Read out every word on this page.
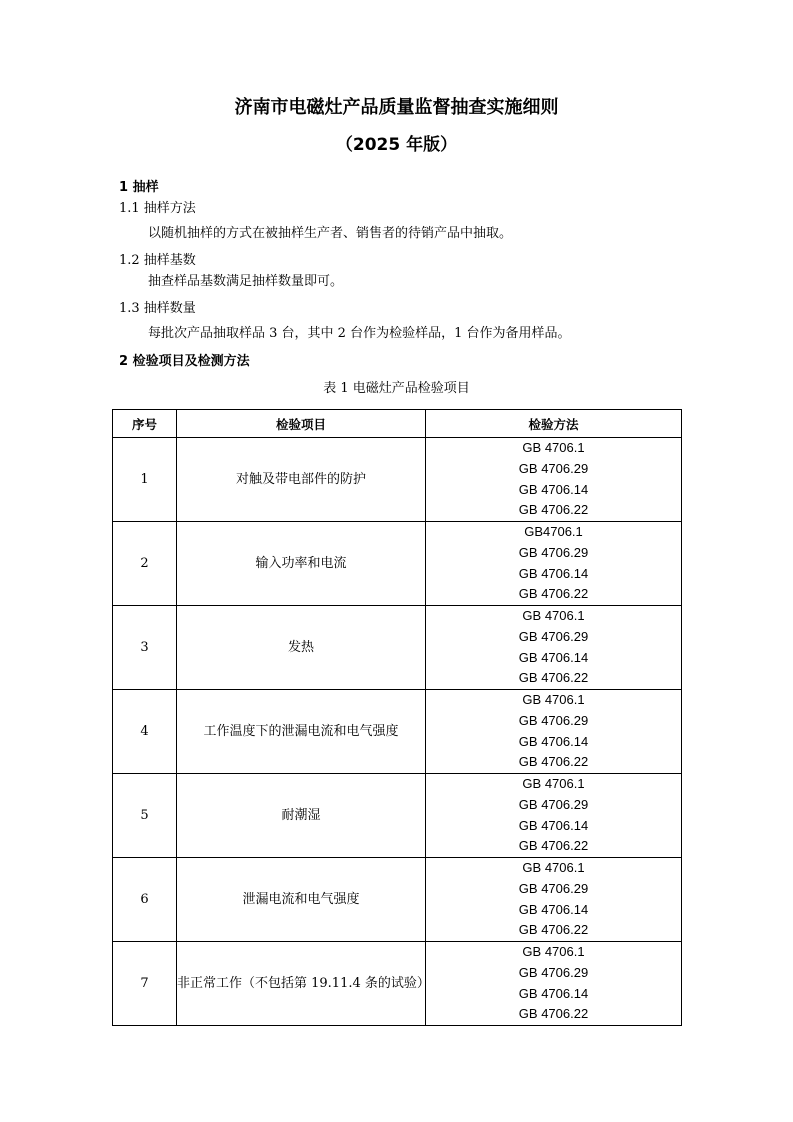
济南市电磁灶产品质量监督抽查实施细则
（2025 年版）
1 抽样
1.1 抽样方法
以随机抽样的方式在被抽样生产者、销售者的待销产品中抽取。
1.2 抽样基数
抽查样品基数满足抽样数量即可。
1.3 抽样数量
每批次产品抽取样品 3 台，其中 2 台作为检验样品，1 台作为备用样品。
2 检验项目及检测方法
表 1 电磁灶产品检验项目
序号	检验项目	检验方法
1	对触及带电部件的防护	GB 4706.1
GB 4706.29
GB 4706.14
GB 4706.22

2	输入功率和电流	GB4706.1
GB 4706.29
GB 4706.14
GB 4706.22

3	发热	GB 4706.1
GB 4706.29
GB 4706.14
GB 4706.22

4	工作温度下的泄漏电流和电气强度	GB 4706.1
GB 4706.29
GB 4706.14
GB 4706.22

5	耐潮湿	GB 4706.1
GB 4706.29
GB 4706.14
GB 4706.22

6	泄漏电流和电气强度	GB 4706.1
GB 4706.29
GB 4706.14
GB 4706.22

7	非正常工作（不包括第 19.11.4 条的试验）	GB 4706.1
GB 4706.29
GB 4706.14
GB 4706.22
